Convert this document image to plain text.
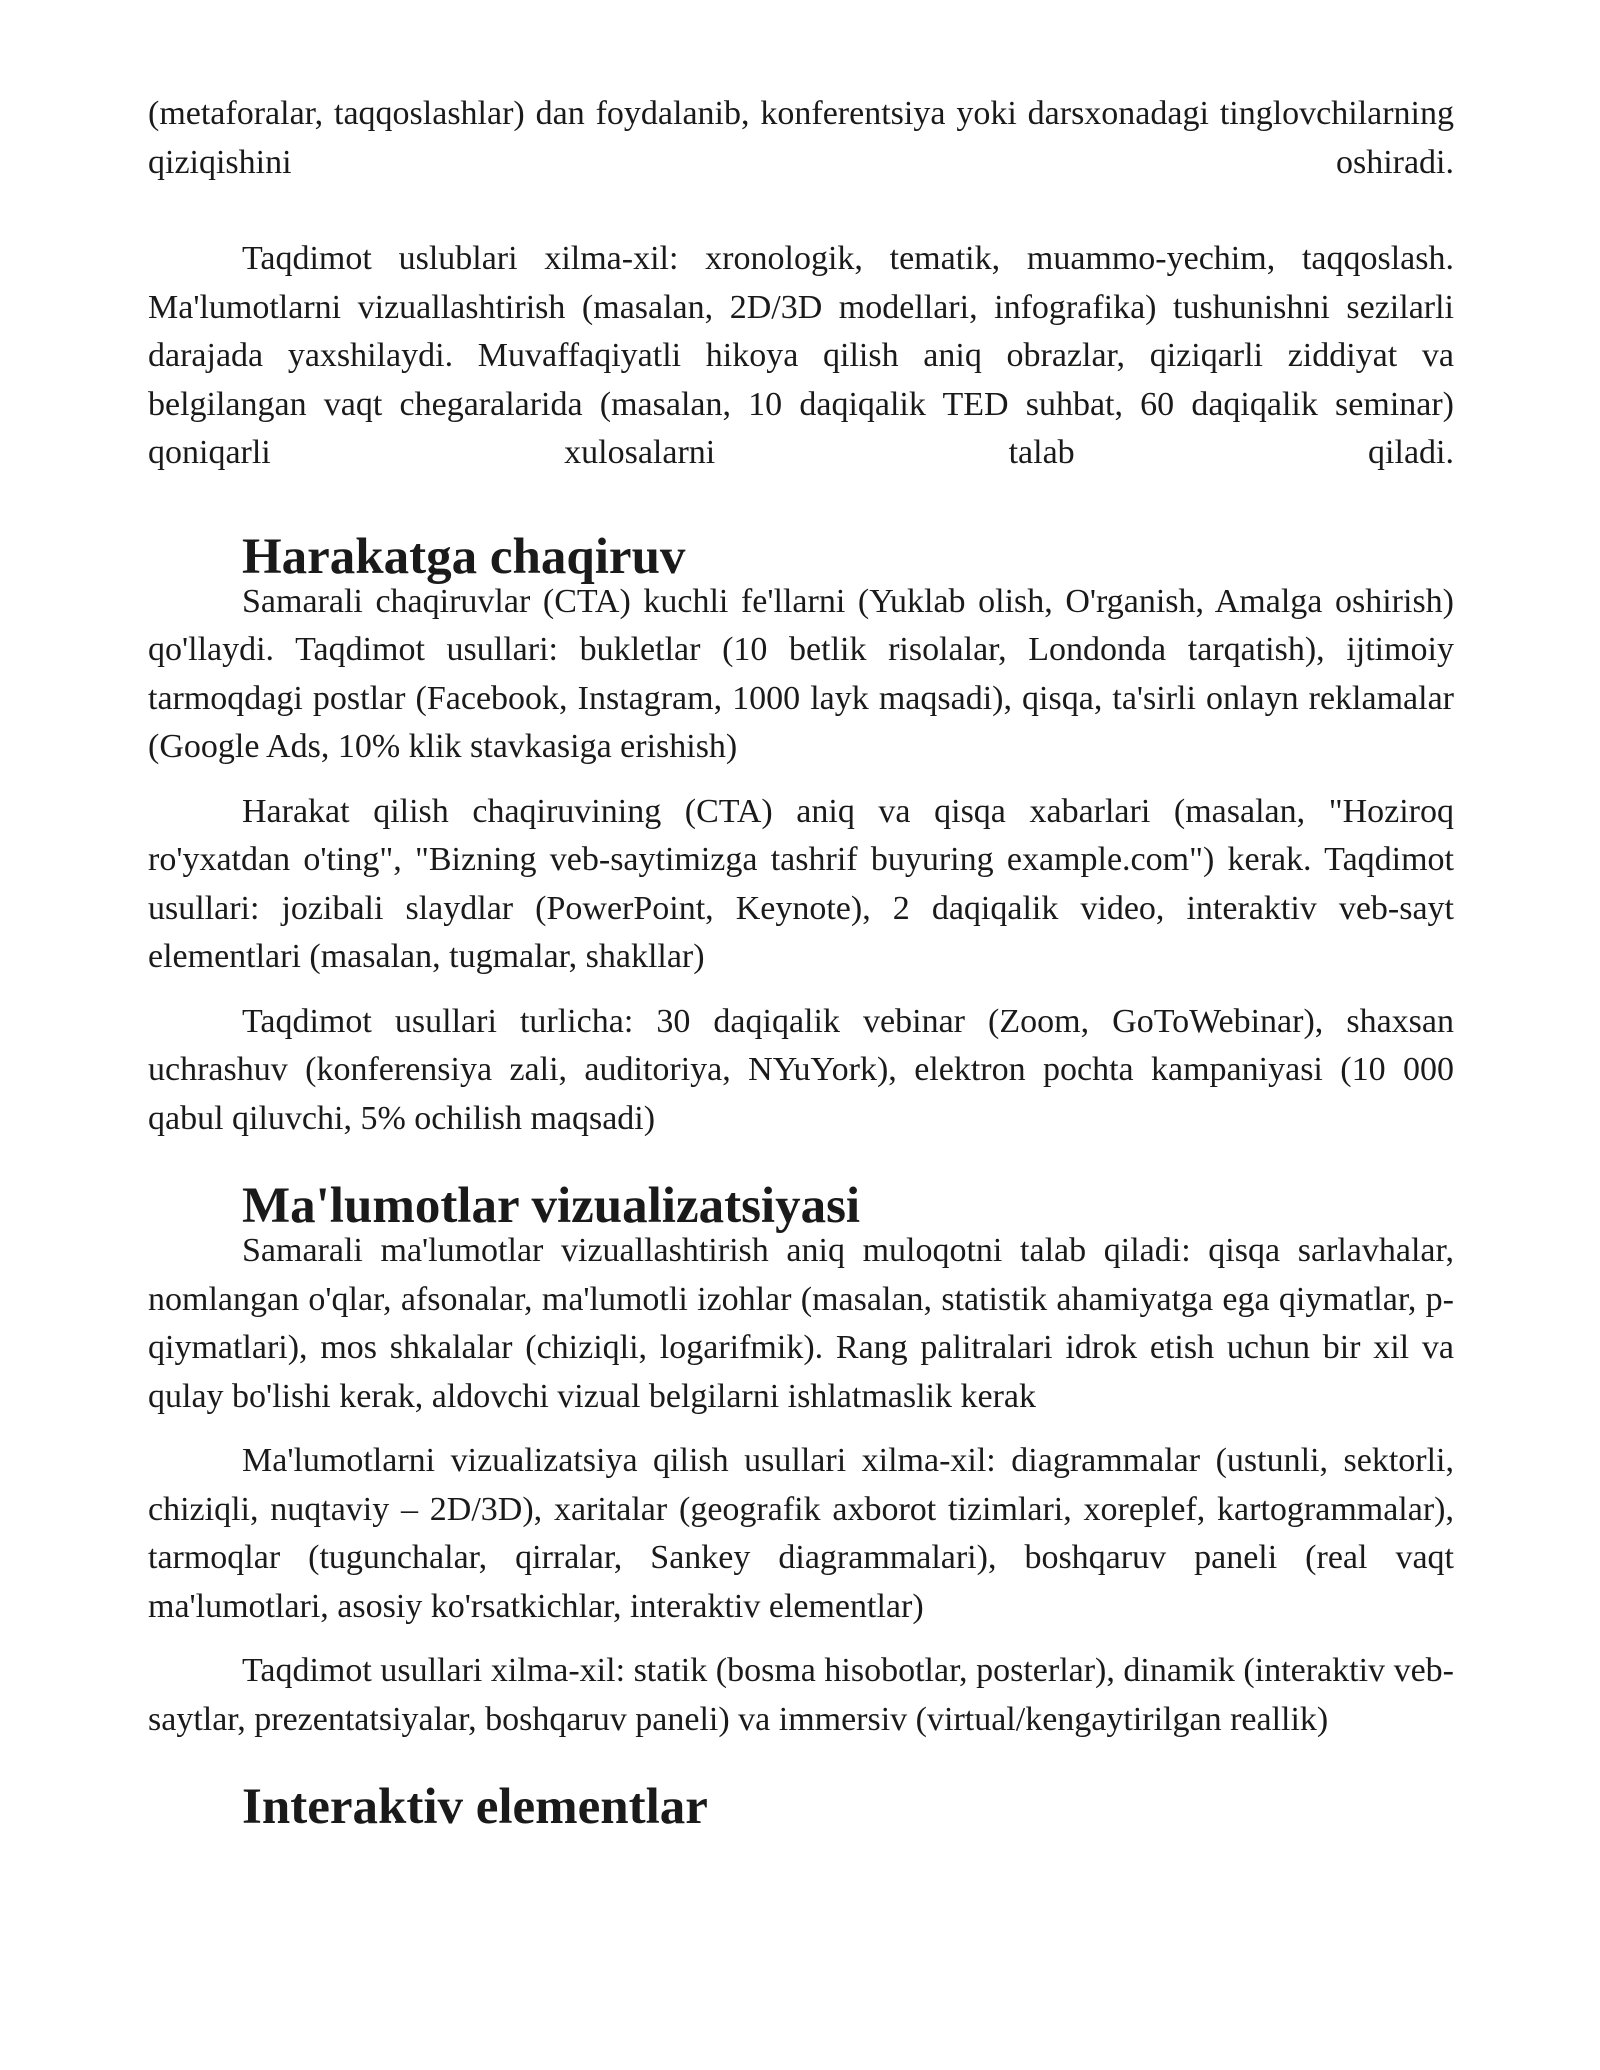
(metaforalar, taqqoslashlar) dan foydalanib, konferentsiya yoki darsxonadagi tinglovchilarning qiziqishini oshiradi.

Taqdimot uslublari xilma-xil: xronologik, tematik, muammo-yechim, taqqoslash. Ma'lumotlarni vizuallashtirish (masalan, 2D/3D modellari, infografika) tushunishni sezilarli darajada yaxshilaydi. Muvaffaqiyatli hikoya qilish aniq obrazlar, qiziqarli ziddiyat va belgilangan vaqt chegaralarida (masalan, 10 daqiqalik TED suhbat, 60 daqiqalik seminar) qoniqarli xulosalarni talab qiladi.

Harakatga chaqiruv

Samarali chaqiruvlar (CTA) kuchli fe'llarni (Yuklab olish, O'rganish, Amalga oshirish) qo'llaydi. Taqdimot usullari: bukletlar (10 betlik risolalar, Londonda tarqatish), ijtimoiy tarmoqdagi postlar (Facebook, Instagram, 1000 layk maqsadi), qisqa, ta'sirli onlayn reklamalar (Google Ads, 10% klik stavkasiga erishish)

Harakat qilish chaqiruvining (CTA) aniq va qisqa xabarlari (masalan, "Hoziroq ro'yxatdan o'ting", "Bizning veb-saytimizga tashrif buyuring example.com") kerak. Taqdimot usullari: jozibali slaydlar (PowerPoint, Keynote), 2 daqiqalik video, interaktiv veb-sayt elementlari (masalan, tugmalar, shakllar)

Taqdimot usullari turlicha: 30 daqiqalik vebinar (Zoom, GoToWebinar), shaxsan uchrashuv (konferensiya zali, auditoriya, NYuYork), elektron pochta kampaniyasi (10 000 qabul qiluvchi, 5% ochilish maqsadi)

Ma'lumotlar vizualizatsiyasi

Samarali ma'lumotlar vizuallashtirish aniq muloqotni talab qiladi: qisqa sarlavhalar, nomlangan o'qlar, afsonalar, ma'lumotli izohlar (masalan, statistik ahamiyatga ega qiymatlar, p-qiymatlari), mos shkalalar (chiziqli, logarifmik). Rang palitralari idrok etish uchun bir xil va qulay bo'lishi kerak, aldovchi vizual belgilarni ishlatmaslik kerak

Ma'lumotlarni vizualizatsiya qilish usullari xilma-xil: diagrammalar (ustunli, sektorli, chiziqli, nuqtaviy – 2D/3D), xaritalar (geografik axborot tizimlari, xoreplef, kartogrammalar), tarmoqlar (tugunchalar, qirralar, Sankey diagrammalari), boshqaruv paneli (real vaqt ma'lumotlari, asosiy ko'rsatkichlar, interaktiv elementlar)

Taqdimot usullari xilma-xil: statik (bosma hisobotlar, posterlar), dinamik (interaktiv veb-saytlar, prezentatsiyalar, boshqaruv paneli) va immersiv (virtual/kengaytirilgan reallik)

Interaktiv elementlar
